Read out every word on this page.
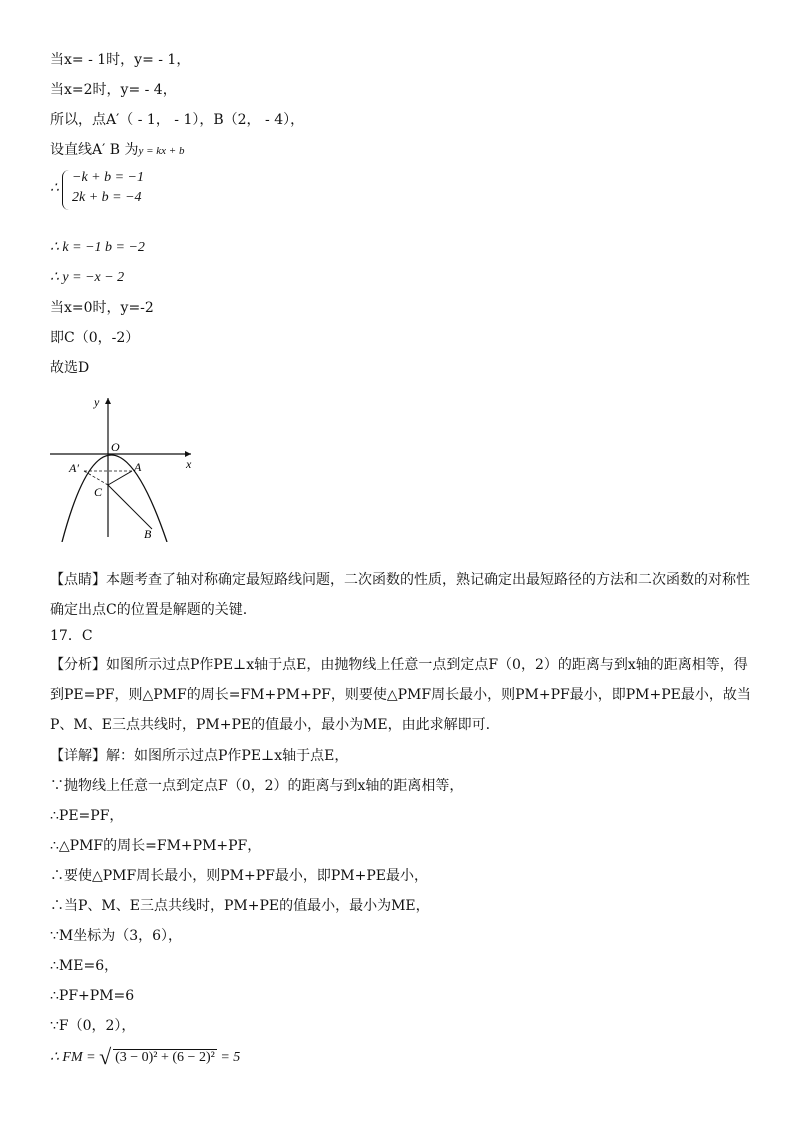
当x= - 1时，y= - 1，
当x=2时，y= - 4，
所以，点A′（ - 1， - 1），B（2， - 4），
设直线A′ B 为y = kx + b
∴
−k + b = −1
2k + b = −4
∴ k = −1 b = −2
∴ y = −x − 2
当x=0时，y=-2
即C（0，-2）
故选D
y
x
O
A′	A
C
B
【点睛】本题考查了轴对称确定最短路线问题，二次函数的性质，熟记确定出最短路径的方法和二次函数的对称性确定出点C的位置是解题的关键.
17．C
【分析】如图所示过点P作PE⊥x轴于点E，由抛物线上任意一点到定点F（0，2）的距离与到x轴的距离相等，得到PE=PF，则△PMF的周长=FM+PM+PF，则要使△PMF周长最小，则PM+PF最小，即PM+PE最小，故当P、M、E三点共线时，PM+PE的值最小，最小为ME，由此求解即可.
【详解】解：如图所示过点P作PE⊥x轴于点E，
∵抛物线上任意一点到定点F（0，2）的距离与到x轴的距离相等，
∴PE=PF，
∴△PMF的周长=FM+PM+PF，
∴要使△PMF周长最小，则PM+PF最小，即PM+PE最小，
∴当P、M、E三点共线时，PM+PE的值最小，最小为ME，
∵M坐标为（3，6），
∴ME=6，
∴PF+PM=6
∵F（0，2），
∴ FM = √ (3 − 0)² + (6 − 2)² = 5
